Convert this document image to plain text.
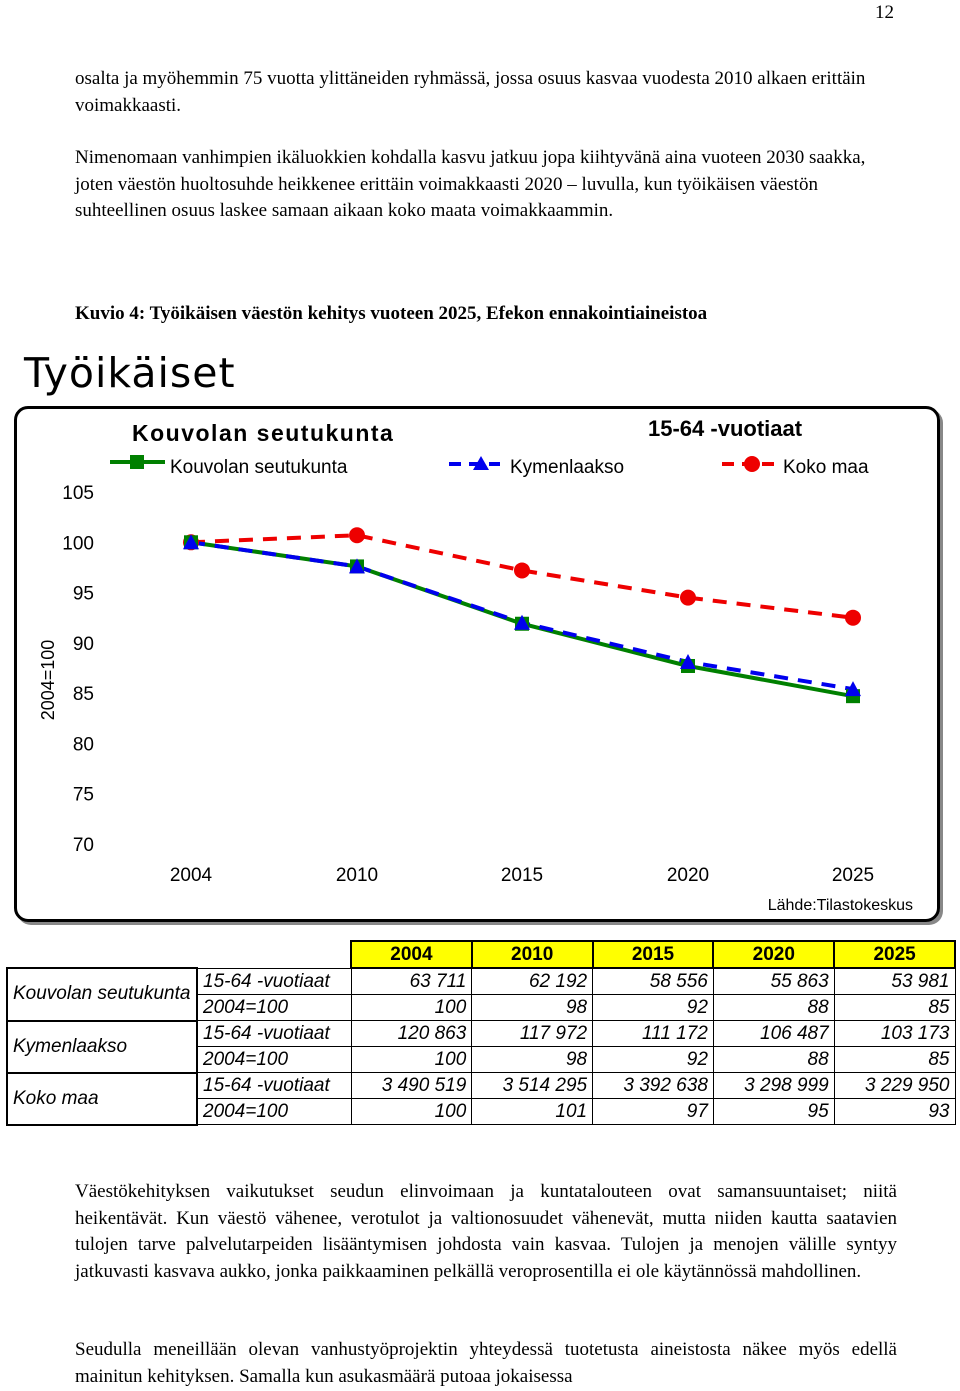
12

osalta ja myöhemmin 75 vuotta ylittäneiden ryhmässä, jossa osuus kasvaa vuodesta 2010 alkaen erittäin voimakkaasti.

Nimenomaan vanhimpien ikäluokkien kohdalla kasvu jatkuu jopa kiihtyvänä aina vuoteen 2030 saakka, joten väestön huoltosuhde heikkenee erittäin voimakkaasti 2020 – luvulla, kun työikäisen väestön suhteellinen osuus laskee samaan aikaan koko maata voimakkaammin.

Kuvio 4: Työikäisen väestön kehitys vuoteen 2025, Efekon ennakointiaineistoa
Työikäiset
Kouvolan seutukunta	15-64 -vuotiaat
Kouvolan seutukunta	Kymenlaakso	Koko maa
70
75
80
85
90
95
100
105
2004	2010	2015	2020	2025
2004=100
Lähde:Tilastokeskus
		2004	2010	2015	2020	2025
Kouvolan seutukunta	15-64 -vuotiaat	63 711	62 192	58 556	55 863	53 981
	2004=100	100	98	92	88	85
Kymenlaakso	15-64 -vuotiaat	120 863	117 972	111 172	106 487	103 173
	2004=100	100	98	92	88	85
Koko maa	15-64 -vuotiaat	3 490 519	3 514 295	3 392 638	3 298 999	3 229 950
	2004=100	100	101	97	95	93

Väestökehityksen vaikutukset seudun elinvoimaan ja kuntatalouteen ovat samansuuntaiset; niitä heikentävät. Kun väestö vähenee, verotulot ja valtionosuudet vähenevät, mutta niiden kautta saatavien tulojen tarve palvelutarpeiden lisääntymisen johdosta vain kasvaa. Tulojen ja menojen välille syntyy jatkuvasti kasvava aukko, jonka paikkaaminen pelkällä veroprosentilla ei ole käytännössä mahdollinen.

Seudulla meneillään olevan vanhustyöprojektin yhteydessä tuotetusta aineistosta näkee myös edellä mainitun kehityksen. Samalla kun asukasmäärä putoaa jokaisessa
